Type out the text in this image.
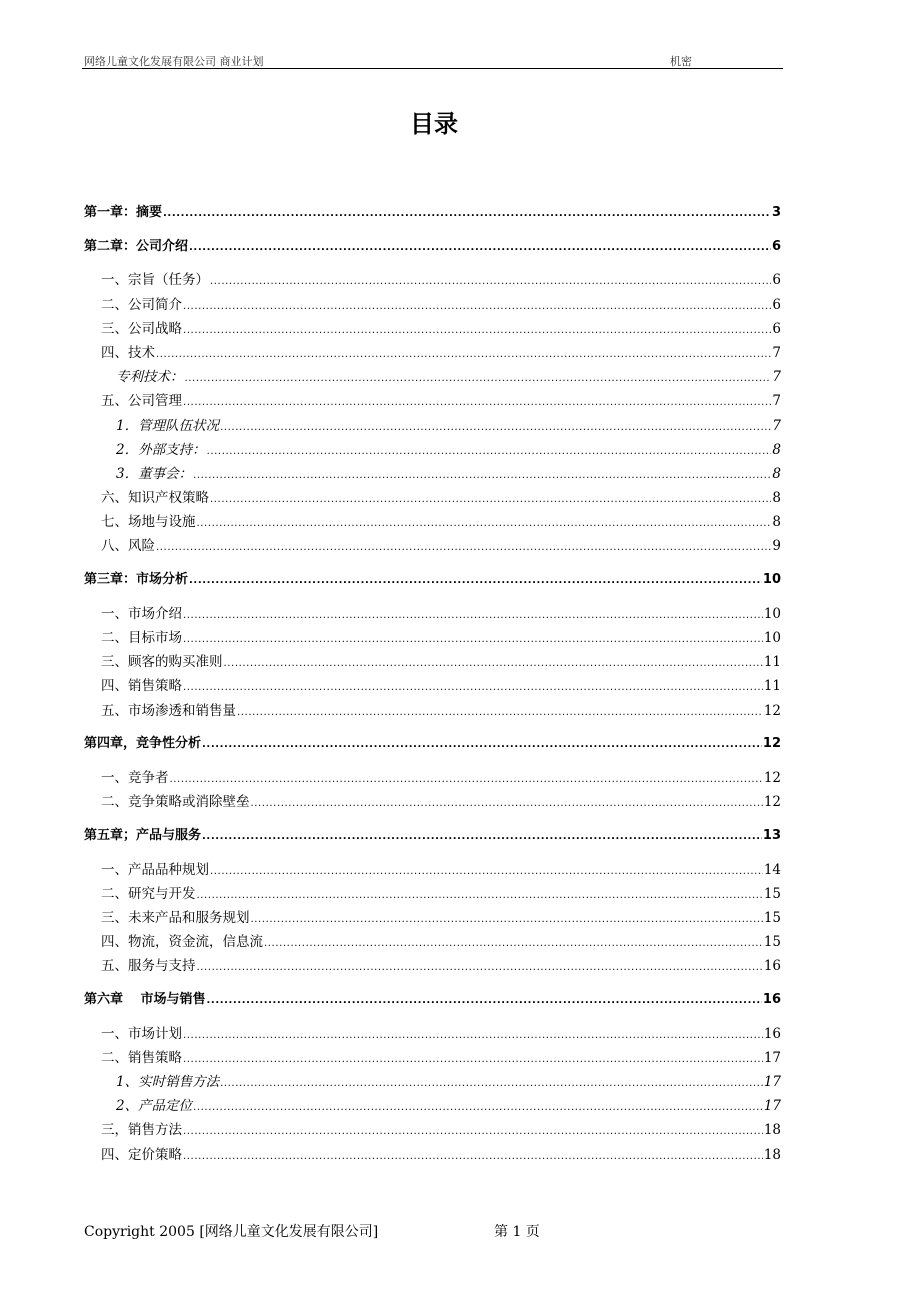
网络儿童文化发展有限公司 商业计划	机密
目录
第一章：摘要 .....	3
第二章：公司介绍 .....	6
一、宗旨（任务） .....	6
二、公司简介 .....	6
三、公司战略 .....	6
四、技术 .....	7
专利技术： .....	7
五、公司管理 .....	7
1．管理队伍状况 .....	7
2．外部支持： .....	8
3．董事会： .....	8
六、知识产权策略 .....	8
七、场地与设施 .....	8
八、风险 .....	9
第三章：市场分析 .....	10
一、市场介绍 .....	10
二、目标市场 .....	10
三、顾客的购买准则 .....	11
四、销售策略 .....	11
五、市场渗透和销售量 .....	12
第四章，竞争性分析 .....	12
一、竞争者 .....	12
二、竞争策略或消除壁垒 .....	12
第五章；产品与服务 .....	13
一、产品品种规划 .....	14
二、研究与开发 .....	15
三、未来产品和服务规划 .....	15
四、物流，资金流，信息流 .....	15
五、服务与支持 .....	16
第六章　 市场与销售 .....	16
一、市场计划 .....	16
二、销售策略 .....	17
1、实时销售方法 .....	17
2、产品定位 .....	17
三，销售方法 .....	18
四、定价策略 .....	18
Copyright 2005 [网络儿童文化发展有限公司]	第 1 页
